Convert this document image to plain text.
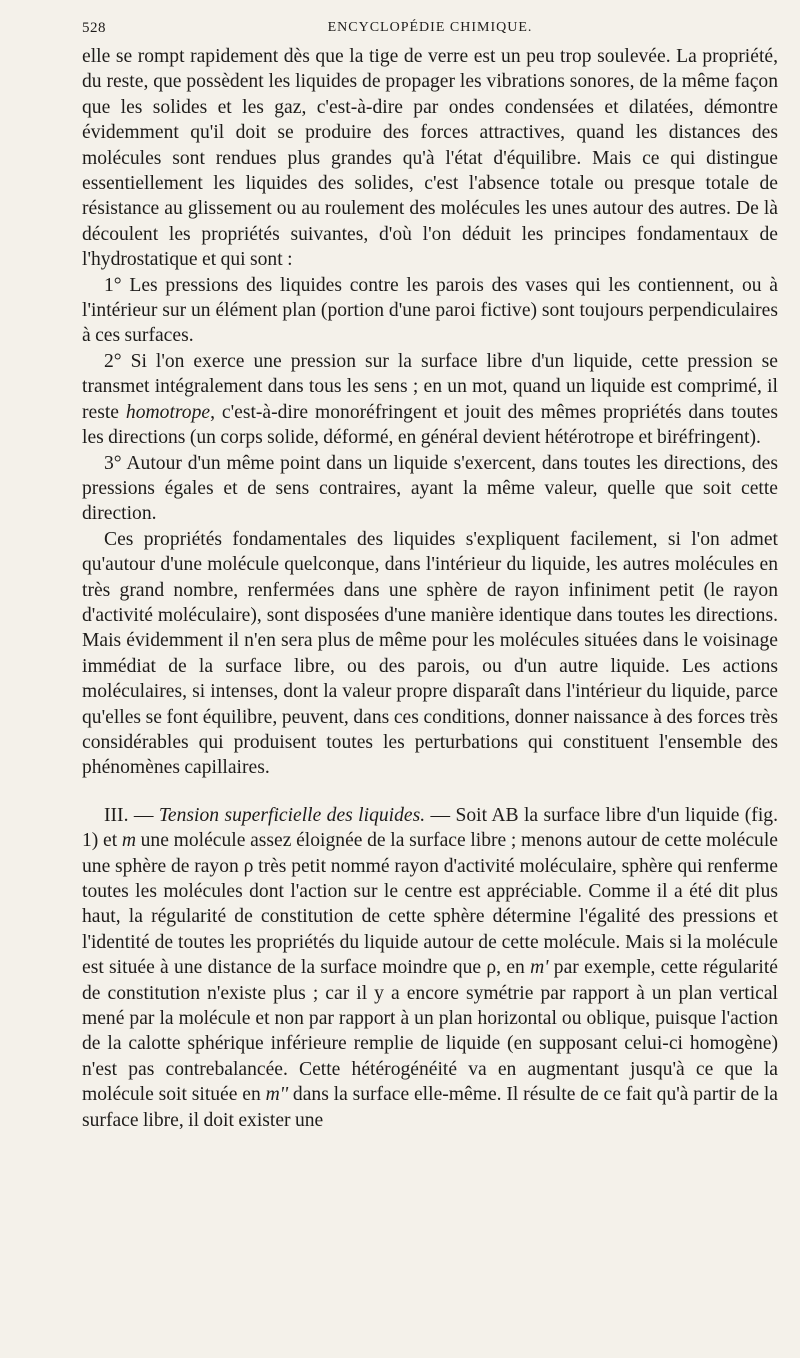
528	ENCYCLOPÉDIE CHIMIQUE.

elle se rompt rapidement dès que la tige de verre est un peu trop soulevée. La propriété, du reste, que possèdent les liquides de propager les vibrations sonores, de la même façon que les solides et les gaz, c'est-à-dire par ondes condensées et dilatées, démontre évidemment qu'il doit se produire des forces attractives, quand les distances des molécules sont rendues plus grandes qu'à l'état d'équilibre. Mais ce qui distingue essentiellement les liquides des solides, c'est l'absence totale ou presque totale de résistance au glissement ou au roulement des molécules les unes autour des autres. De là découlent les propriétés suivantes, d'où l'on déduit les principes fondamentaux de l'hydrostatique et qui sont :

1° Les pressions des liquides contre les parois des vases qui les contiennent, ou à l'intérieur sur un élément plan (portion d'une paroi fictive) sont toujours perpendiculaires à ces surfaces.

2° Si l'on exerce une pression sur la surface libre d'un liquide, cette pression se transmet intégralement dans tous les sens ; en un mot, quand un liquide est comprimé, il reste homotrope, c'est-à-dire monoréfringent et jouit des mêmes propriétés dans toutes les directions (un corps solide, déformé, en général devient hétérotrope et biréfringent).

3° Autour d'un même point dans un liquide s'exercent, dans toutes les directions, des pressions égales et de sens contraires, ayant la même valeur, quelle que soit cette direction.

Ces propriétés fondamentales des liquides s'expliquent facilement, si l'on admet qu'autour d'une molécule quelconque, dans l'intérieur du liquide, les autres molécules en très grand nombre, renfermées dans une sphère de rayon infiniment petit (le rayon d'activité moléculaire), sont disposées d'une manière identique dans toutes les directions. Mais évidemment il n'en sera plus de même pour les molécules situées dans le voisinage immédiat de la surface libre, ou des parois, ou d'un autre liquide. Les actions moléculaires, si intenses, dont la valeur propre disparaît dans l'intérieur du liquide, parce qu'elles se font équilibre, peuvent, dans ces conditions, donner naissance à des forces très considérables qui produisent toutes les perturbations qui constituent l'ensemble des phénomènes capillaires.

III. — Tension superficielle des liquides. — Soit AB la surface libre d'un liquide (fig. 1) et m une molécule assez éloignée de la surface libre ; menons autour de cette molécule une sphère de rayon ρ très petit nommé rayon d'activité moléculaire, sphère qui renferme toutes les molécules dont l'action sur le centre est appréciable. Comme il a été dit plus haut, la régularité de constitution de cette sphère détermine l'égalité des pressions et l'identité de toutes les propriétés du liquide autour de cette molécule. Mais si la molécule est située à une distance de la surface moindre que ρ, en m' par exemple, cette régularité de constitution n'existe plus ; car il y a encore symétrie par rapport à un plan vertical mené par la molécule et non par rapport à un plan horizontal ou oblique, puisque l'action de la calotte sphérique inférieure remplie de liquide (en supposant celui-ci homogène) n'est pas contrebalancée. Cette hétérogénéité va en augmentant jusqu'à ce que la molécule soit située en m'' dans la surface elle-même. Il résulte de ce fait qu'à partir de la surface libre, il doit exister une
